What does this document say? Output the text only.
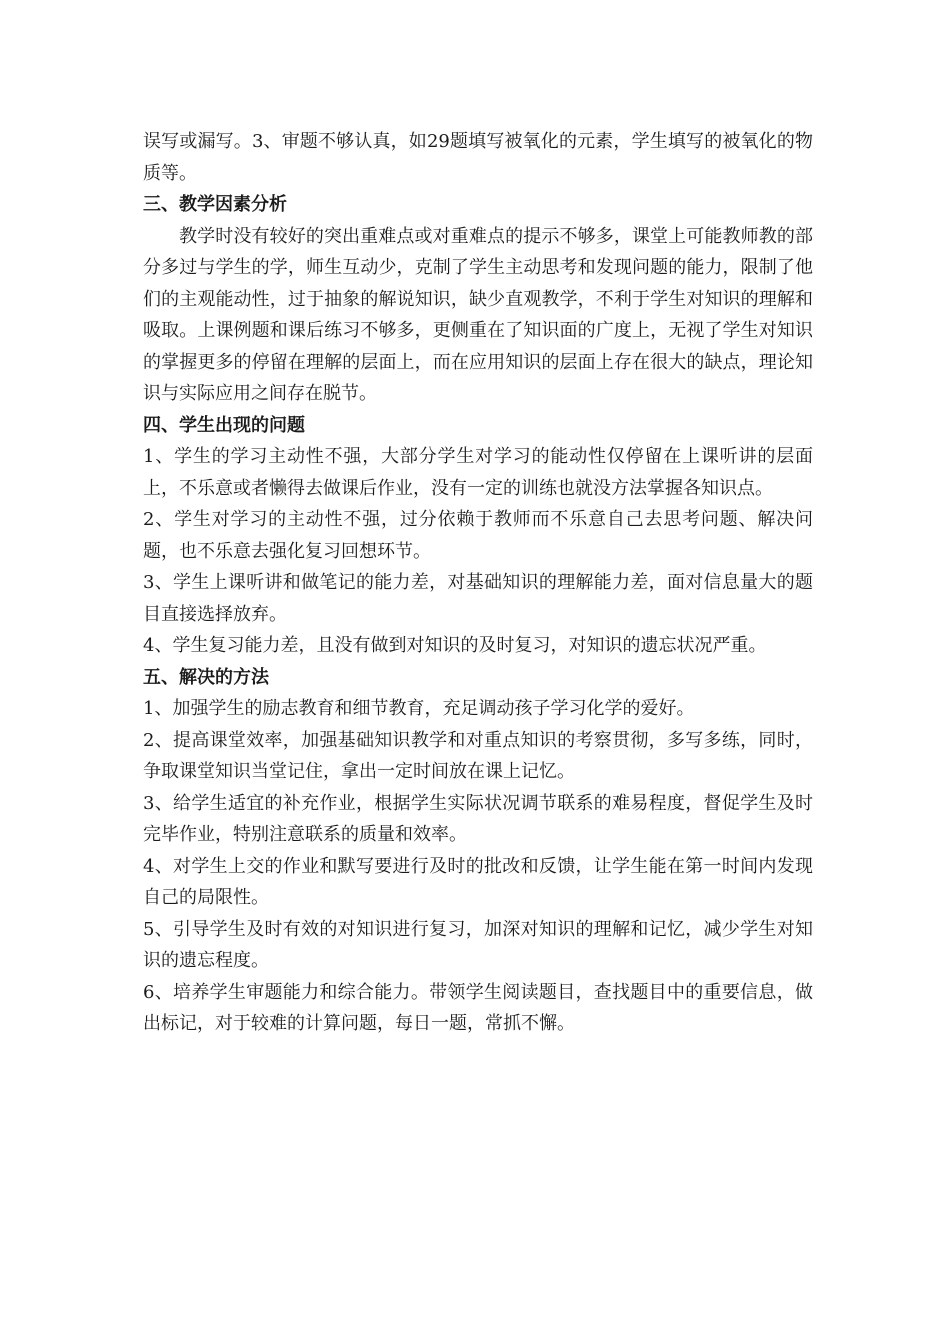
误写或漏写。3、审题不够认真，如29题填写被氧化的元素，学生填写的被氧化的物质等。

三、教学因素分析

教学时没有较好的突出重难点或对重难点的提示不够多，课堂上可能教师教的部分多过与学生的学，师生互动少，克制了学生主动思考和发现问题的能力，限制了他们的主观能动性，过于抽象的解说知识，缺少直观教学，不利于学生对知识的理解和吸取。上课例题和课后练习不够多，更侧重在了知识面的广度上，无视了学生对知识的掌握更多的停留在理解的层面上，而在应用知识的层面上存在很大的缺点，理论知识与实际应用之间存在脱节。

四、学生出现的问题

1、学生的学习主动性不强，大部分学生对学习的能动性仅停留在上课听讲的层面上，不乐意或者懒得去做课后作业，没有一定的训练也就没方法掌握各知识点。

2、学生对学习的主动性不强，过分依赖于教师而不乐意自己去思考问题、解决问题，也不乐意去强化复习回想环节。

3、学生上课听讲和做笔记的能力差，对基础知识的理解能力差，面对信息量大的题目直接选择放弃。

4、学生复习能力差，且没有做到对知识的及时复习，对知识的遗忘状况严重。

五、解决的方法

1、加强学生的励志教育和细节教育，充足调动孩子学习化学的爱好。

2、提高课堂效率，加强基础知识教学和对重点知识的考察贯彻，多写多练，同时，争取课堂知识当堂记住，拿出一定时间放在课上记忆。

3、给学生适宜的补充作业，根据学生实际状况调节联系的难易程度，督促学生及时完毕作业，特别注意联系的质量和效率。

4、对学生上交的作业和默写要进行及时的批改和反馈，让学生能在第一时间内发现自己的局限性。

5、引导学生及时有效的对知识进行复习，加深对知识的理解和记忆，减少学生对知识的遗忘程度。

6、培养学生审题能力和综合能力。带领学生阅读题目，查找题目中的重要信息，做出标记，对于较难的计算问题，每日一题，常抓不懈。
